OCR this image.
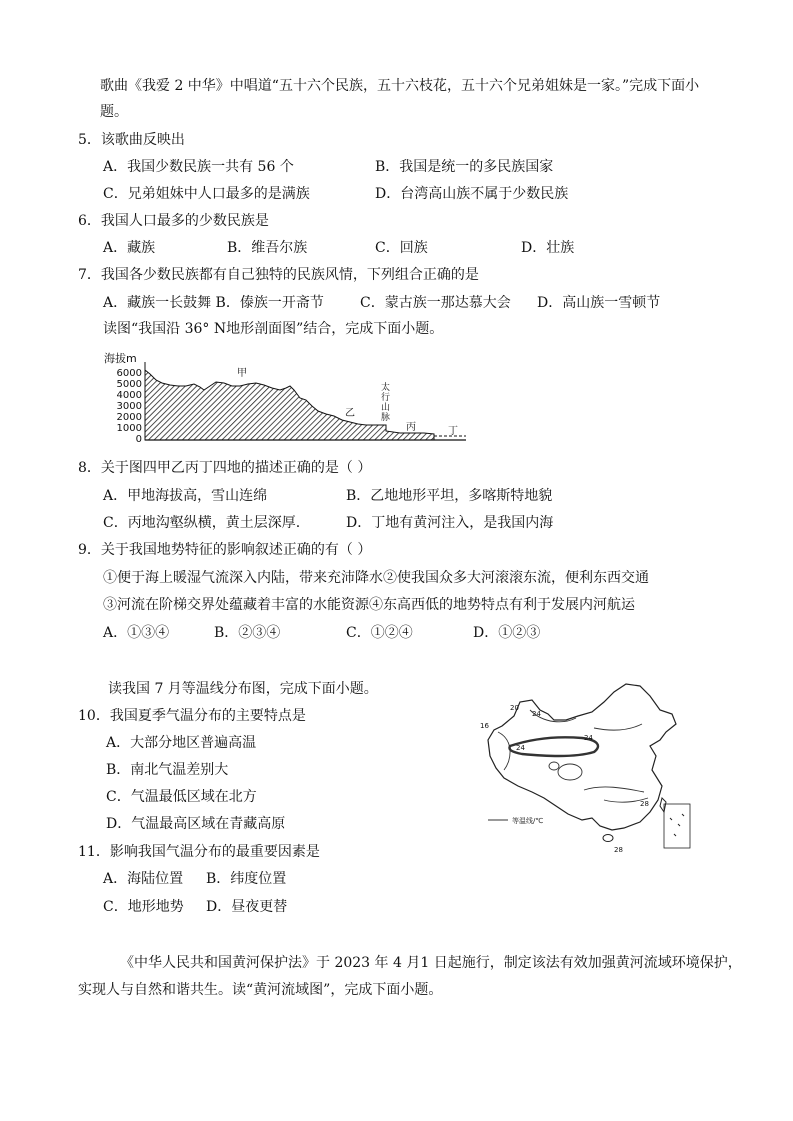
歌曲《我爱 2 中华》中唱道“五十六个民族，五十六枝花，五十六个兄弟姐妹是一家。”完成下面小
题。
5．该歌曲反映出
A．我国少数民族一共有 56 个	B．我国是统一的多民族国家
C．兄弟姐妹中人口最多的是满族	D．台湾高山族不属于少数民族
6．我国人口最多的少数民族是
A．藏族	B．维吾尔族	C．回族	D．壮族
7．我国各少数民族都有自己独特的民族风情，下列组合正确的是
A．藏族一长鼓舞 B．傣族一开斋节	C．蒙古族一那达慕大会 D．高山族一雪顿节
读图“我国沿 36° N地形剖面图”结合，完成下面小题。
海拔m
6000
5000
4000
3000
2000
1000
0
甲
乙
太
行
山
脉
丙	丁
8．关于图四甲乙丙丁四地的描述正确的是（ ）
A．甲地海拔高，雪山连绵	B．乙地地形平坦，多喀斯特地貌
C．丙地沟壑纵横，黄土层深厚.	D．丁地有黄河注入，是我国内海
9．关于我国地势特征的影响叙述正确的有（ ）
①便于海上暖湿气流深入内陆，带来充沛降水②使我国众多大河滚滚东流，便利东西交通
③河流在阶梯交界处蕴藏着丰富的水能资源④东高西低的地势特点有利于发展内河航运
A．①③④	B．②③④	C．①②④	D．①②③
读我国 7 月等温线分布图，完成下面小题。
10．我国夏季气温分布的主要特点是
A．大部分地区普遍高温
B．南北气温差别大
C．气温最低区域在北方
D．气温最高区域在青藏高原
11．影响我国气温分布的最重要因素是
A．海陆位置 B．纬度位置
C．地形地势 D．昼夜更替
20
24
16
24
24
28
28
等温线/℃
《中华人民共和国黄河保护法》于 2023 年 4 月1 日起施行，制定该法有效加强黄河流域环境保护，
实现人与自然和谐共生。读“黄河流域图”，完成下面小题。
